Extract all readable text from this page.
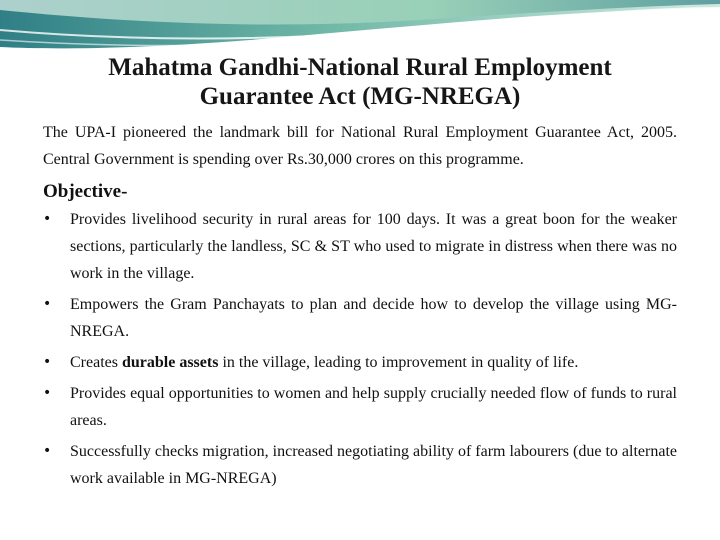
Mahatma Gandhi-National Rural Employment
Guarantee Act (MG-NREGA)

The UPA-I pioneered the landmark bill for National Rural Employment Guarantee Act, 2005. Central Government is spending over Rs.30,000 crores on this programme.

Objective-
• Provides livelihood security in rural areas for 100 days. It was a great boon for the weaker sections, particularly the landless, SC & ST who used to migrate in distress when there was no work in the village.
• Empowers the Gram Panchayats to plan and decide how to develop the village using MG-NREGA.
• Creates durable assets in the village, leading to improvement in quality of life.
• Provides equal opportunities to women and help supply crucially needed flow of funds to rural areas.
• Successfully checks migration, increased negotiating ability of farm labourers (due to alternate work available in MG-NREGA)
